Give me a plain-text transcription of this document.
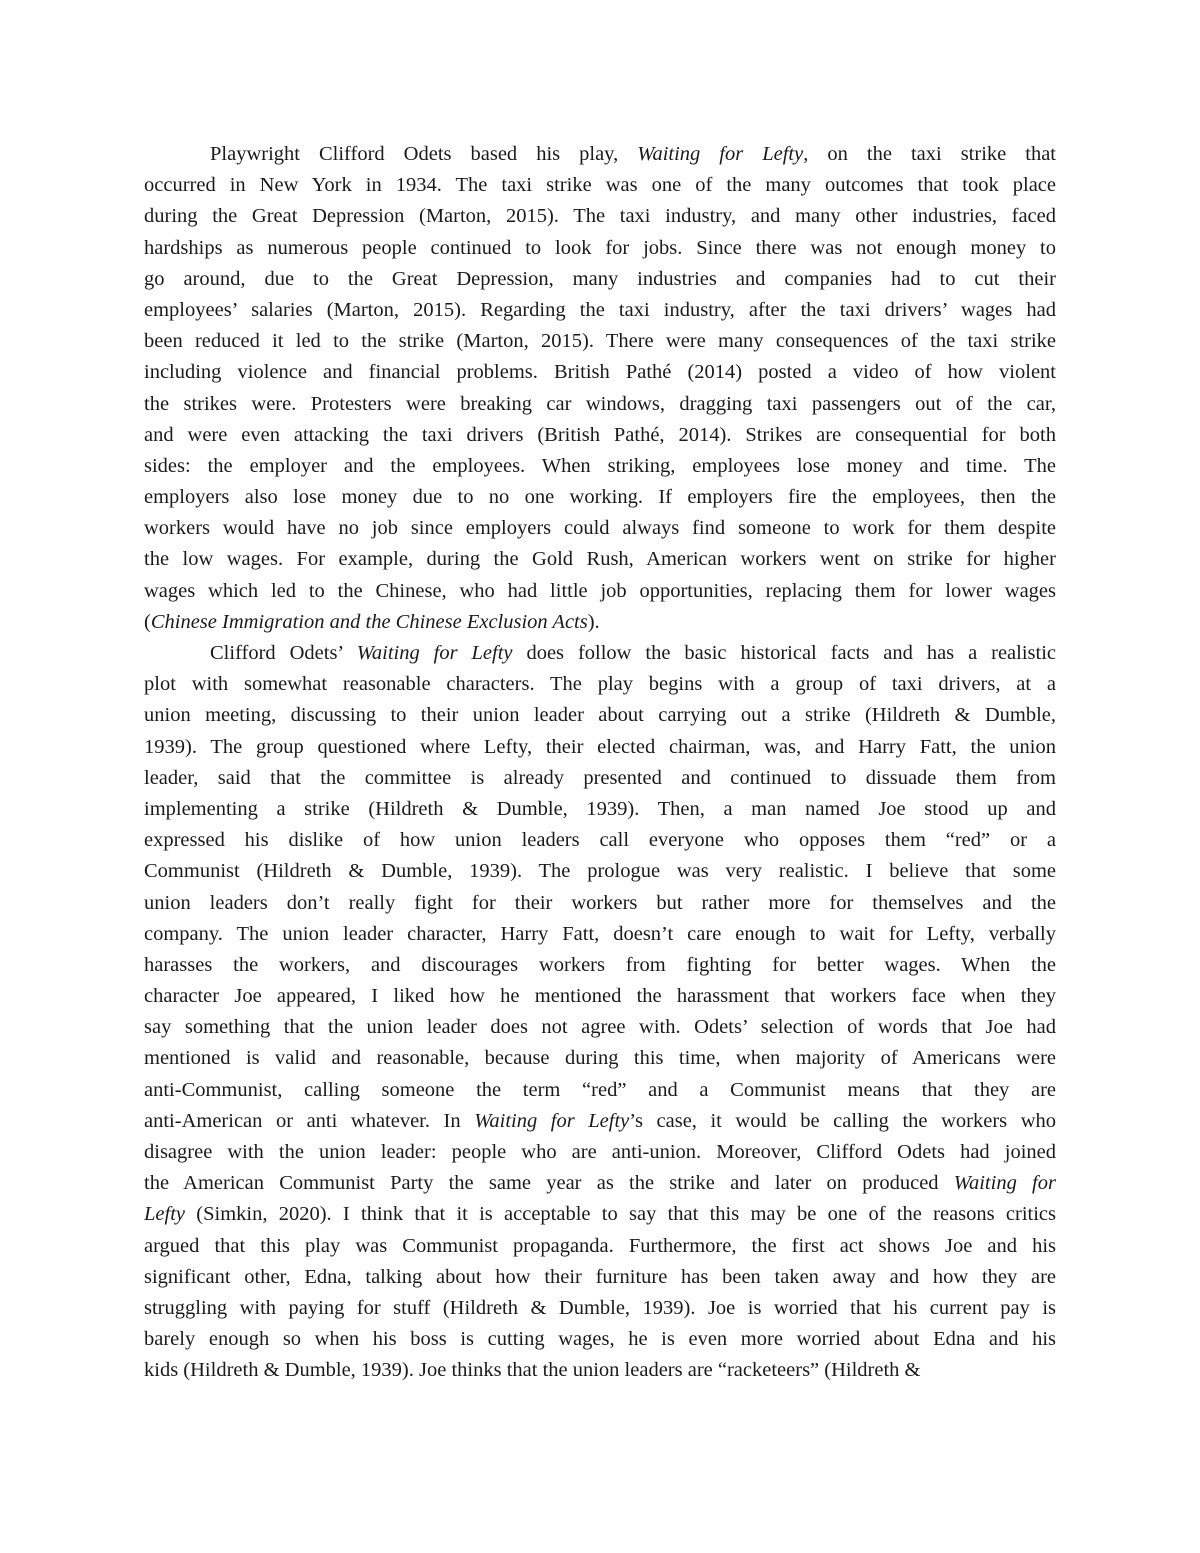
Playwright Clifford Odets based his play, Waiting for Lefty, on the taxi strike that
occurred in New York in 1934. The taxi strike was one of the many outcomes that took place
during the Great Depression (Marton, 2015). The taxi industry, and many other industries, faced
hardships as numerous people continued to look for jobs. Since there was not enough money to
go around, due to the Great Depression, many industries and companies had to cut their
employees’ salaries (Marton, 2015). Regarding the taxi industry, after the taxi drivers’ wages had
been reduced it led to the strike (Marton, 2015). There were many consequences of the taxi strike
including violence and financial problems. British Pathé (2014) posted a video of how violent
the strikes were. Protesters were breaking car windows, dragging taxi passengers out of the car,
and were even attacking the taxi drivers (British Pathé, 2014). Strikes are consequential for both
sides: the employer and the employees. When striking, employees lose money and time. The
employers also lose money due to no one working. If employers fire the employees, then the
workers would have no job since employers could always find someone to work for them despite
the low wages. For example, during the Gold Rush, American workers went on strike for higher
wages which led to the Chinese, who had little job opportunities, replacing them for lower wages
(Chinese Immigration and the Chinese Exclusion Acts).
Clifford Odets’ Waiting for Lefty does follow the basic historical facts and has a realistic
plot with somewhat reasonable characters. The play begins with a group of taxi drivers, at a
union meeting, discussing to their union leader about carrying out a strike (Hildreth & Dumble,
1939). The group questioned where Lefty, their elected chairman, was, and Harry Fatt, the union
leader, said that the committee is already presented and continued to dissuade them from
implementing a strike (Hildreth & Dumble, 1939). Then, a man named Joe stood up and
expressed his dislike of how union leaders call everyone who opposes them “red” or a
Communist (Hildreth & Dumble, 1939). The prologue was very realistic. I believe that some
union leaders don’t really fight for their workers but rather more for themselves and the
company. The union leader character, Harry Fatt, doesn’t care enough to wait for Lefty, verbally
harasses the workers, and discourages workers from fighting for better wages. When the
character Joe appeared, I liked how he mentioned the harassment that workers face when they
say something that the union leader does not agree with. Odets’ selection of words that Joe had
mentioned is valid and reasonable, because during this time, when majority of Americans were
anti-Communist, calling someone the term “red” and a Communist means that they are
anti-American or anti whatever. In Waiting for Lefty’s case, it would be calling the workers who
disagree with the union leader: people who are anti-union. Moreover, Clifford Odets had joined
the American Communist Party the same year as the strike and later on produced Waiting for
Lefty (Simkin, 2020). I think that it is acceptable to say that this may be one of the reasons critics
argued that this play was Communist propaganda. Furthermore, the first act shows Joe and his
significant other, Edna, talking about how their furniture has been taken away and how they are
struggling with paying for stuff (Hildreth & Dumble, 1939). Joe is worried that his current pay is
barely enough so when his boss is cutting wages, he is even more worried about Edna and his
kids (Hildreth & Dumble, 1939). Joe thinks that the union leaders are “racketeers” (Hildreth &
